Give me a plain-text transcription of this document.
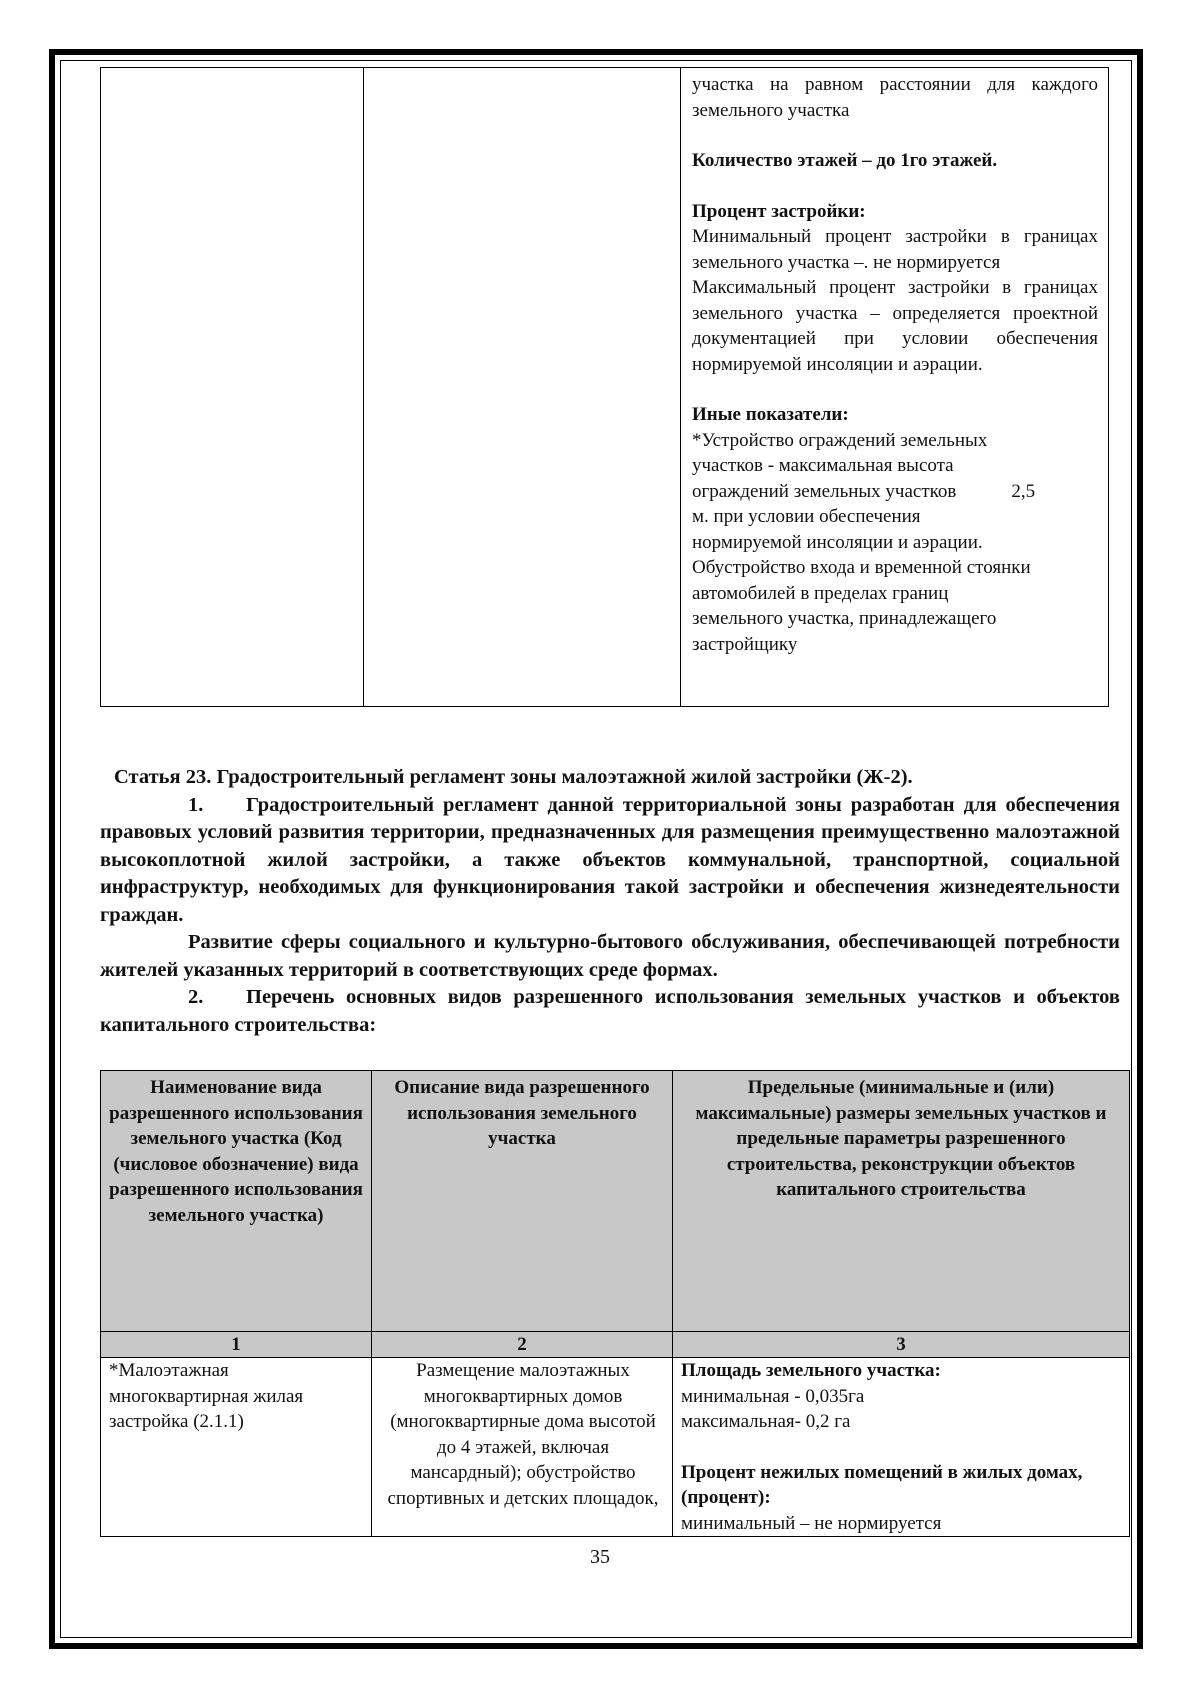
участка на равном расстоянии для каждого земельного участка
Количество этажей – до 1го этажей.
Процент застройки:
Минимальный процент застройки в границах земельного участка –. не нормируется
Максимальный процент застройки в границах земельного участка – определяется проектной документацией при условии обеспечения нормируемой инсоляции и аэрации.
Иные показатели:
*Устройство ограждений земельных
участков - максимальная высота
ограждений земельных участков	2,5
м. при условии обеспечения
нормируемой инсоляции и аэрации.
Обустройство входа и временной стоянки
автомобилей в пределах границ
земельного участка, принадлежащего
застройщику

Статья 23. Градостроительный регламент зоны малоэтажной жилой застройки (Ж-2).

1. Градостроительный регламент данной территориальной зоны разработан для обеспечения правовых условий развития территории, предназначенных для размещения преимущественно малоэтажной высокоплотной жилой застройки, а также объектов коммунальной, транспортной, социальной инфраструктур, необходимых для функционирования такой застройки и обеспечения жизнедеятельности граждан.

Развитие сферы социального и культурно-бытового обслуживания, обеспечивающей потребности жителей указанных территорий в соответствующих среде формах.

2. Перечень основных видов разрешенного использования земельных участков и объектов капитального строительства:

Наименование вида разрешенного использования земельного участка (Код (числовое обозначение) вида разрешенного использования земельного участка)	Описание вида разрешенного использования земельного участка	Предельные (минимальные и (или) максимальные) размеры земельных участков и предельные параметры разрешенного строительства, реконструкции объектов капитального строительства
1	2	3
*Малоэтажная многоквартирная жилая застройка (2.1.1)	Размещение малоэтажных многоквартирных домов (многоквартирные дома высотой до 4 этажей, включая мансардный); обустройство спортивных и детских площадок,	Площадь земельного участка:
минимальная - 0,035га
максимальная- 0,2 га
Процент нежилых помещений в жилых домах, (процент):
минимальный – не нормируется
35
